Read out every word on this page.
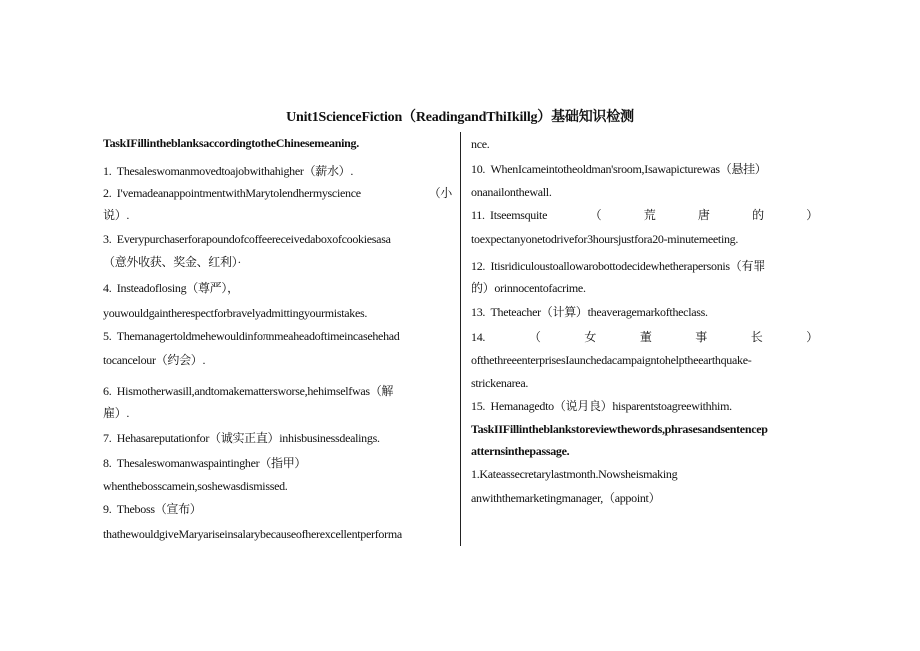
Unit1ScienceFiction（ReadingandThiIkillg）基础知识检测
TaskIFillintheblanksaccordingtotheChinesemeaning.
1.  Thesaleswomanmovedtoajobwithahigher（薪水）.
2.  I'vemadeanappointmentwithMarytolendhermyscience	（小
说）.
3.  Everypurchaserforapoundofcoffeereceivedaboxofcookiesasa
（意外收获、奖金、红利）·
4.  Insteadoflosing（尊严），
youwouldgaintherespectforbravelyadmittingyourmistakes.
5.  Themanagertoldmehewouldinfoπnmeaheadoftimeincasehehad
tocancelour（约会）.
6.  Hismotherwasill,andtomakemattersworse,hehimselfwas（解
雇）.
7.  Hehasareputationfor（诚实正直）inhisbusinessdealings.
8.  Thesaleswomanwaspaintingher（指甲）
whenthebosscamein,soshewasdismissed.
9.  Theboss（宣布）
thathewouldgiveMaryariseinsalarybecauseofherexcellentperforma
nce.
10.  WhenIcameintotheoldman'sroom,Isawapicturewas（悬挂）
onanailonthewall.
11.  Itseemsquite	（	荒	唐	的	）
toexpectanyonetodrivefor3hoursjustfora20-minutemeeting.
12.  Itisridiculoustoallowarobottodecidewhetherapersonis（有罪
的）orinnocentofacrime.
13.  Theteacher（计算）theaveragemarkoftheclass.
14.	（	女	董	事	长	）
ofthethreeenterprisesIaunchedacampaigntohelptheearthquake-
strickenarea.
15.  Hemanagedto（说月良）hisparentstoagreewithhim.
TaskIIFillintheblankstoreviewthewords,phrasesandsentencep
atternsinthepassage.
1.Kateassecretarylastmonth.Nowsheismaking
anwiththemarketingmanager,（appoint）
